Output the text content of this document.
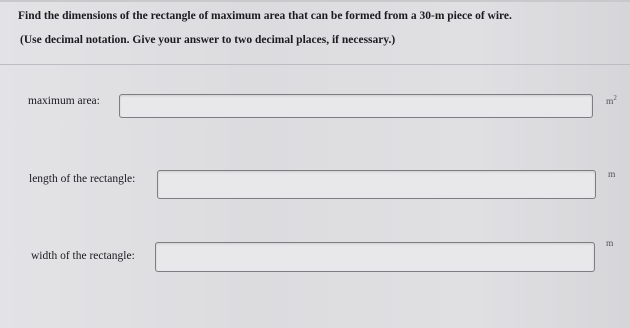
Find the dimensions of the rectangle of maximum area that can be formed from a 30-m piece of wire.
(Use decimal notation. Give your answer to two decimal places, if necessary.)
maximum area:	$m^2$
length of the rectangle:	m
width of the rectangle:
m
